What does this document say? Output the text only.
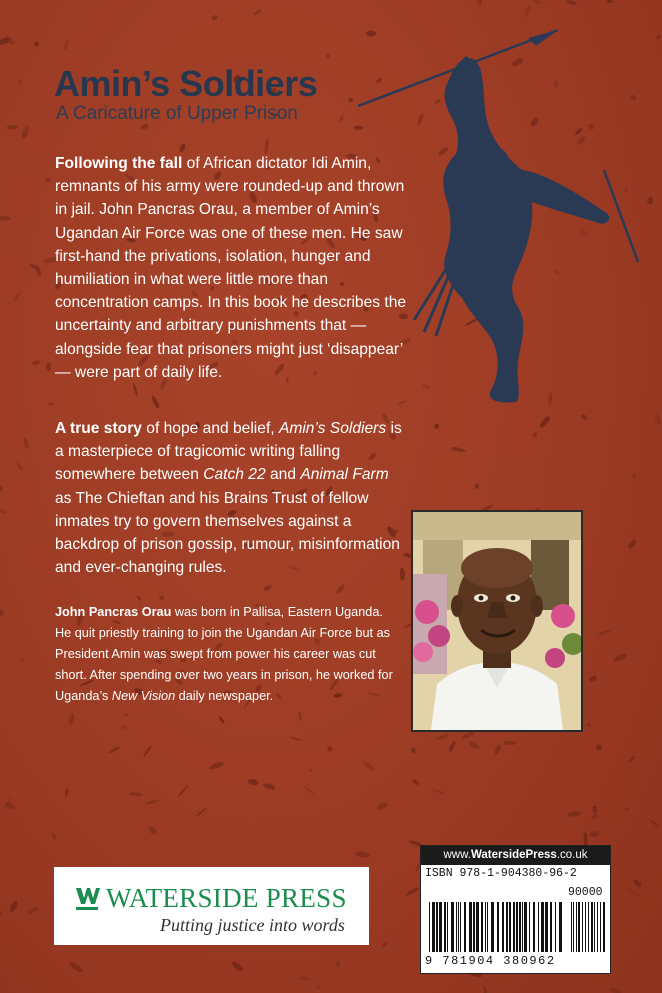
Amin’s Soldiers
A Caricature of Upper Prison

Following the fall of African dictator Idi Amin, remnants of his army were rounded-up and thrown in jail. John Pancras Orau, a member of Amin’s Ugandan Air Force was one of these men. He saw first-hand the privations, isolation, hunger and humiliation in what were little more than concentration camps. In this book he describes the uncertainty and arbitrary punishments that — alongside fear that prisoners might just ‘disappear’ — were part of daily life.

A true story of hope and belief, Amin’s Soldiers is a masterpiece of tragicomic writing falling somewhere between Catch 22 and Animal Farm as The Chieftan and his Brains Trust of fellow inmates try to govern themselves against a backdrop of prison gossip, rumour, misinformation and ever-changing rules.

John Pancras Orau was born in Pallisa, Eastern Uganda. He quit priestly training to join the Ugandan Air Force but as President Amin was swept from power his career was cut short. After spending over two years in prison, he worked for Uganda’s New Vision daily newspaper.

WATERSIDE PRESS
Putting justice into words
www.WatersidePress.co.uk
ISBN 978-1-904380-96-2
90000
9 781904 380962
